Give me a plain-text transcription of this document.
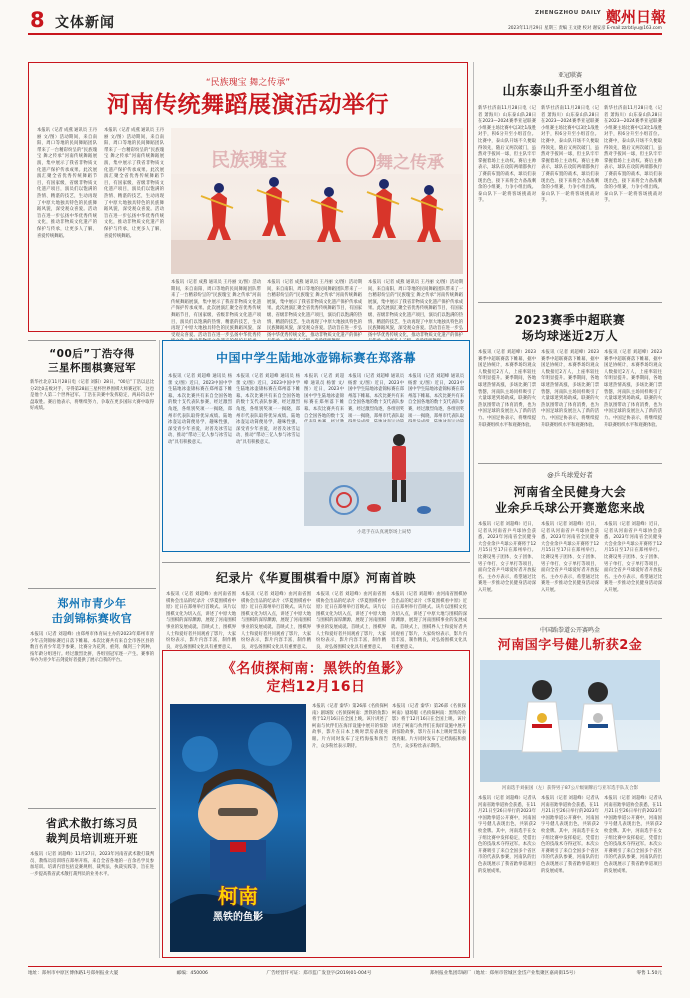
8 文体新闻
ZHENGZHOU DAILY 鄭州日報
2023年11月29日 星期三 责编 王文捷 校对 谢安彦 E-mail:zzrbtiyu@163.com
“民族瑰宝 舞之传承”
河南传统舞蹈展演活动举行
本报讯（记者 成燕 通讯员 王丹丽 文/图）活动期间，来自南阳、周口等地的民间舞蹈团队带来了一台精彩纷呈的“民族瑰宝 舞之传承”河南传统舞蹈展演，集中展示了我省非物质文化遗产保护传承成果。此次展演汇聚全省优秀传统舞蹈节目，有国家级、省级非物质文化遗产项目，演员们以饱满的热情、精湛的技艺，生动再现了中原大地独具特色的民族舞蹈风貌，深受观众喜爱。活动旨在进一步弘扬中华优秀传统文化，推动非物质文化遗产的保护与传承，让更多人了解、喜爱传统舞蹈。
本报讯（记者 成燕 通讯员 王丹丽 文/图）活动期间，来自南阳、周口等地的民间舞蹈团队带来了一台精彩纷呈的“民族瑰宝 舞之传承”河南传统舞蹈展演，集中展示了我省非物质文化遗产保护传承成果。此次展演汇聚全省优秀传统舞蹈节目，有国家级、省级非物质文化遗产项目，演员们以饱满的热情、精湛的技艺，生动再现了中原大地独具特色的民族舞蹈风貌，深受观众喜爱。活动旨在进一步弘扬中华优秀传统文化，推动非物质文化遗产的保护与传承，让更多人了解、喜爱传统舞蹈。
民族瑰宝	舞之传承
本报讯（记者 成燕 通讯员 王丹丽 文/图）活动期间，来自南阳、周口等地的民间舞蹈团队带来了一台精彩纷呈的“民族瑰宝 舞之传承”河南传统舞蹈展演，集中展示了我省非物质文化遗产保护传承成果。此次展演汇聚全省优秀传统舞蹈节目，有国家级、省级非物质文化遗产项目，演员们以饱满的热情、精湛的技艺，生动再现了中原大地独具特色的民族舞蹈风貌，深受观众喜爱。活动旨在进一步弘扬中华优秀传
本报讯（记者 成燕 通讯员 王丹丽 文/图）活动期间，来自南阳、周口等地的民间舞蹈团队带来了一台精彩纷呈的“民族瑰宝 舞之传承”河南传统舞蹈展演，集中展示了我省非物质文化遗产保护传承成果。此次展演汇聚全省优秀传统舞蹈节目，有国家级、省级非物质文化遗产项目，演员们以饱满的热情、精湛的技艺，生动再现了中原大地独具特色的民族舞蹈风貌，深受观众喜爱。活动旨在进一步弘扬中华优秀传统文化，推动非物质文化遗产的保护
本报讯（记者 成燕 通讯员 王丹丽 文/图）活动期间，来自南阳、周口等地的民间舞蹈团队带来了一台精彩纷呈的“民族瑰宝 舞之传承”河南传统舞蹈展演，集中展示了我省非物质文化遗产保护传承成果。此次展演汇聚全省优秀传统舞蹈节目，有国家级、省级非物质文化遗产项目，演员们以饱满的热情、精湛的技艺，生动再现了中原大地独具特色的民族舞蹈风貌，深受观众喜爱。活动旨在进一步弘扬中华优秀传统文化，推动非物质文化遗产的保护
亚冠联赛
山东泰山升至小组首位
新华社济南11月28日电（记者 萧海川）山东泰山队28日在2023—2024赛季亚冠联赛小组赛主场比赛中以3比1战胜对手，积6分升至小组首位。比赛中，泰山队开场不久便取得领先，随后又两次破门，虽然对手扳回一球，但主队牢牢掌握着场上主动权。赛后主帅表示，球队在攻防两端都执行了赛前布置的战术，球员们表现出色，接下来将全力备战剩余的小组赛，力争小组出线。泰山队下一轮将客场挑战对手。
新华社济南11月28日电（记者 萧海川）山东泰山队28日在2023—2024赛季亚冠联赛小组赛主场比赛中以3比1战胜对手，积6分升至小组首位。比赛中，泰山队开场不久便取得领先，随后又两次破门，虽然对手扳回一球，但主队牢牢掌握着场上主动权。赛后主帅表示，球队在攻防两端都执行了赛前布置的战术，球员们表现出色，接下来将全力备战剩余的小组赛，力争小组出线。泰山队下一轮将客场挑战对手。
新华社济南11月28日电（记者 萧海川）山东泰山队28日在2023—2024赛季亚冠联赛小组赛主场比赛中以3比1战胜对手，积6分升至小组首位。比赛中，泰山队开场不久便取得领先，随后又两次破门，虽然对手扳回一球，但主队牢牢掌握着场上主动权。赛后主帅表示，球队在攻防两端都执行了赛前布置的战术，球员们表现出色，接下来将全力备战剩余的小组赛，力争小组出线。泰山队下一轮将客场挑战对手。
2023赛季中超联赛
场均球迷近2万人
本报讯（记者 刘超峰）2023赛季中超联赛落下帷幕，据中国足协统计，本赛季场均观众人数接近2万人，上座率较往年明显提升。赛季期间，各地球迷热情高涨，多场比赛门票售罄，河南队主场同样吸引了大量球迷到场助威。联赛的火热氛围带动了体育消费，也为中国足球的发展注入了新的活力。中国足协表示，将继续提升联赛组织水平和观赛体验。
本报讯（记者 刘超峰）2023赛季中超联赛落下帷幕，据中国足协统计，本赛季场均观众人数接近2万人，上座率较往年明显提升。赛季期间，各地球迷热情高涨，多场比赛门票售罄，河南队主场同样吸引了大量球迷到场助威。联赛的火热氛围带动了体育消费，也为中国足球的发展注入了新的活力。中国足协表示，将继续提升联赛组织水平和观赛体验。
本报讯（记者 刘超峰）2023赛季中超联赛落下帷幕，据中国足协统计，本赛季场均观众人数接近2万人，上座率较往年明显提升。赛季期间，各地球迷热情高涨，多场比赛门票售罄，河南队主场同样吸引了大量球迷到场助威。联赛的火热氛围带动了体育消费，也为中国足球的发展注入了新的活力。中国足协表示，将继续提升联赛组织水平和观赛体验。
“00后”丁浩夺得
三星杯围棋赛冠军
新华社北京11月28日电（记者 刘阳）28日，“00后”丁浩以总比分2比0击败对手，夺得第28届三星杯世界围棋大师赛冠军，这也是他个人第二个世界冠军。丁浩在决赛中发挥稳定，两局均以中盘取胜。赛后他表示，将继续努力，争取在更多国际大赛中取得好成绩。
中国中学生陆地冰壶锦标赛在郑落幕
本报讯（记者 刘超峰 通讯员 杨蕾 文/图）近日，2023中国中学生陆地冰壶锦标赛在郑州落下帷幕。本次比赛共有来自全国各地的数十支代表队参赛，经过激烈角逐，各组别奖项一一揭晓，郑州市代表队取得优异成绩。陆地冰壶运动简便易学、趣味性强，深受青少年喜爱，对普及冰雪运动、推动“带动三亿人参与冰雪运动”具有积极意义。
本报讯（记者 刘超峰 通讯员 杨蕾 文/图）近日，2023中国中学生陆地冰壶锦标赛在郑州落下帷幕。本次比赛共有来自全国各地的数十支代表队参赛，经过激烈角逐，各组别奖项一一揭晓，郑州市代表队取得优异成绩。陆地冰壶运动简便易学、趣味性强，深受青少年喜爱，对普及冰雪运动、推动“带动三亿人参与冰雪运动”具有积极意义。
本报讯（记者 刘超峰 通讯员 杨蕾 文/图）近日，2023中国中学生陆地冰壶锦标赛在郑州落下帷幕。本次比赛共有来自全国各地的数十支
本报讯（记者 刘超峰 通讯员 杨蕾 文/图）近日，2023中国中学生陆地冰壶锦标赛在郑州落下帷幕。本次比赛共有来自全国各地的数十支代表队参赛，经过激烈角逐，各组别奖项一一揭晓，郑州市代表队取
本报讯（记者 刘超峰 通讯员 杨蕾 文/图）近日，2023中国中学生陆地冰壶锦标赛在郑州落下帷幕。本次比赛共有来自全国各地的数十支代表队参赛，经过激烈角逐，各组别奖项一一揭晓，郑州市代表队取
小选手在认真观察场上局势
纪录片《华夏围棋看中原》河南首映
本报讯（记者 刘超峰）由河南省围棋协会出品的纪录片《华夏围棋看中原》近日在郑州举行首映式。该片以围棋文化为切入点，讲述了中原大地与围棋的深厚渊源，展现了河南围棋事业的发展成就。首映式上，围棋界人士和爱好者共同观看了影片，大家纷纷表示，影片内容丰富、制作精良，对弘扬围棋文化具有重要意义。
本报讯（记者 刘超峰）由河南省围棋协会出品的纪录片《华夏围棋看中原》近日在郑州举行首映式。该片以围棋文化为切入点，讲述了中原大地与围棋的深厚渊源，展现了河南围棋事业的发展成就。首映式上，围棋界人士和爱好者共同观看了影片，大家纷纷表示，影片内容丰富、制作精良，对弘扬围棋文化具有重要意义。
本报讯（记者 刘超峰）由河南省围棋协会出品的纪录片《华夏围棋看中原》近日在郑州举行首映式。该片以围棋文化为切入点，讲述了中原大地与围棋的深厚渊源，展现了河南围棋事业的发展成就。首映式上，围棋界人士和爱好者共同观看了影片，大家纷纷表示，影片内容丰富、制作精良，对弘扬围棋文化具有重要意义。
本报讯（记者 刘超峰）由河南省围棋协会出品的纪录片《华夏围棋看中原》近日在郑州举行首映式。该片以围棋文化为切入点，讲述了中原大地与围棋的深厚渊源，展现了河南围棋事业的发展成就。首映式上，围棋界人士和爱好者共同观看了影片，大家纷纷表示，影片内容丰富、制作精良，对弘扬围棋文化具有重要意义。
《名侦探柯南：黑铁的鱼影》
定档12月16日
柯南
黑铁的鱼影
本报讯（记者 秦华）第26部《名侦探柯南》剧场版《名侦探柯南：黑铁的鱼影》将于12月16日在全国上映。该片讲述了柯南与伙伴们在海洋设施中展开的惊险故事，影片在日本上映时票房表现亮眼。片方同时发布了定档海报和预告片，众多粉丝表示期待。
本报讯（记者 秦华）第26部《名侦探柯南》剧场版《名侦探柯南：黑铁的鱼影》将于12月16日在全国上映。该片讲述了柯南与伙伴们在海洋设施中展开的惊险故事，影片在日本上映时票房表现亮眼。片方同时发布了定档海报和预告片，众多粉丝表示期待。
郑州市青少年
击剑锦标赛收官
本报讯（记者 刘超峰）由郑州市体育局主办的2023年郑州市青少年击剑锦标赛近日落下帷幕。本次比赛共有来自全市各区县的数百名青少年选手参赛，比赛分为花剑、重剑、佩剑三个剑种，按年龄分组进行。经过激烈比拼，各组别冠军逐一产生。赛事的举办为青少年击剑爱好者提供了展示自我的平台。
省武术散打练习员
裁判员培训班开班
本报讯（记者 刘超峰）11月27日，2023年河南省武术散打裁判员、教练员培训班在郑州开班。来自全省各地的一百余名学员参加培训。培训内容包括竞赛规则、裁判法、执裁实践等，旨在进一步提高我省武术散打裁判员的业务水平。
@乒乓球爱好者
河南省全民健身大会
业余乒乓球公开赛邀您来战
本报讯（记者 刘超峰）近日，记者从河南省乒乓球协会获悉，2023年河南省全民健身大会业余乒乓球公开赛将于12月15日至17日在郑州举行。比赛设男子团体、女子团体、男子单打、女子单打等项目，面向全省乒乓球爱好者开放报名。主办方表示，希望通过比赛进一步推动全民健身活动深入开展。
本报讯（记者 刘超峰）近日，记者从河南省乒乓球协会获悉，2023年河南省全民健身大会业余乒乓球公开赛将于12月15日至17日在郑州举行。比赛设男子团体、女子团体、男子单打、女子单打等项目，面向全省乒乓球爱好者开放报名。主办方表示，希望通过比赛进一步推动全民健身活动深入开展。
本报讯（记者 刘超峰）近日，记者从河南省乒乓球协会获悉，2023年河南省全民健身大会业余乒乓球公开赛将于12月15日至17日在郑州举行。比赛设男子团体、女子团体、男子单打、女子单打等项目，面向全省乒乓球爱好者开放报名。主办方表示，希望通过比赛进一步推动全民健身活动深入开展。
中国跆拳道公开赛鸣金
河南国字号健儿斩获2金
河南选手刘振国（左）获得男子87公斤级铜牌后与亚军选手队友合影
本报讯（记者 刘超峰）记者从河南省跆拳道协会获悉，在11月21日至26日举行的2023年中国跆拳道公开赛中，河南国字号健儿表现出色，共斩获2枚金牌。其中，河南选手在女子组比赛中发挥稳定，凭借出色的技战术夺得冠军。本次公开赛吸引了来自全国多个省区市的代表队参赛，河南队的出色表现展示了我省跆拳道项目的发展成果。
本报讯（记者 刘超峰）记者从河南省跆拳道协会获悉，在11月21日至26日举行的2023年中国跆拳道公开赛中，河南国字号健儿表现出色，共斩获2枚金牌。其中，河南选手在女子组比赛中发挥稳定，凭借出色的技战术夺得冠军。本次公开赛吸引了来自全国多个省区市的代表队参赛，河南队的出色表现展示了我省跆拳道项目的发展成果。
本报讯（记者 刘超峰）记者从河南省跆拳道协会获悉，在11月21日至26日举行的2023年中国跆拳道公开赛中，河南国字号健儿表现出色，共斩获2枚金牌。其中，河南选手在女子组比赛中发挥稳定，凭借出色的技战术夺得冠军。本次公开赛吸引了来自全国多个省区市的代表队参赛，河南队的出色表现展示了我省跆拳道项目的发展成果。
地址：郑州市中原区博体路1号郑州报业大厦	邮编：450006	广告经营许可证：郑市监广发登字(2019)01-004号	郑州报业集团印刷厂（地址：郑州市管城区金岱产业集聚区嘉尚街15号）	零售 1.50元
